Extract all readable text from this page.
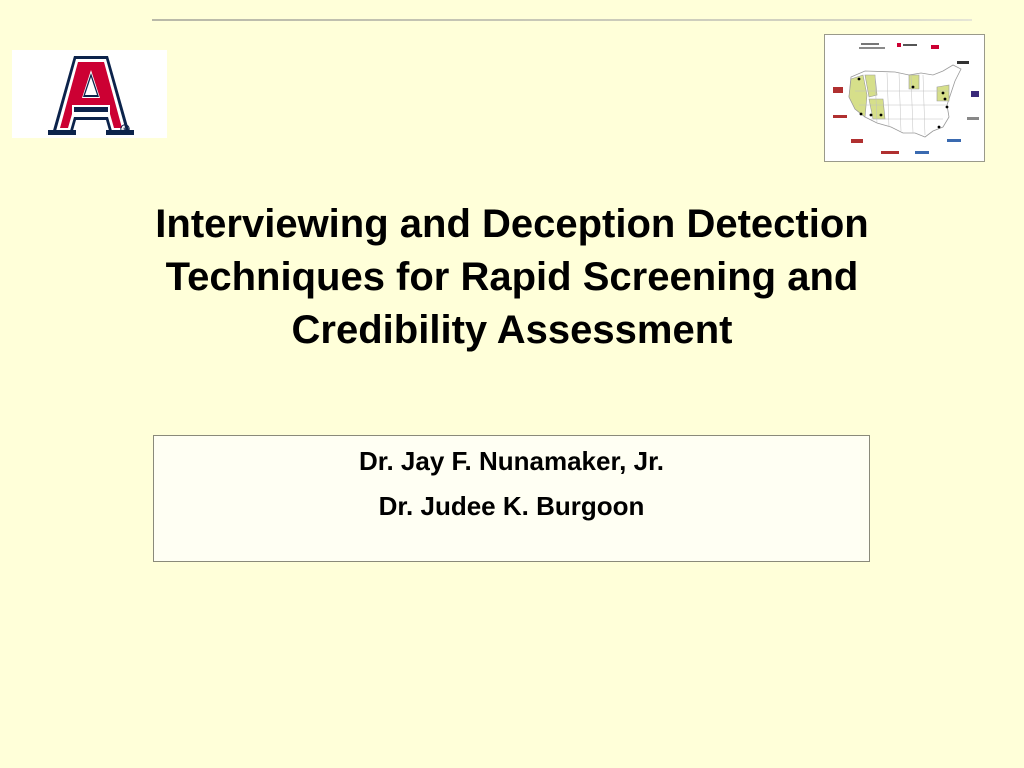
®
Interviewing and Deception Detection
Techniques for Rapid Screening and
Credibility Assessment
Dr. Jay F. Nunamaker, Jr.
Dr. Judee K. Burgoon
